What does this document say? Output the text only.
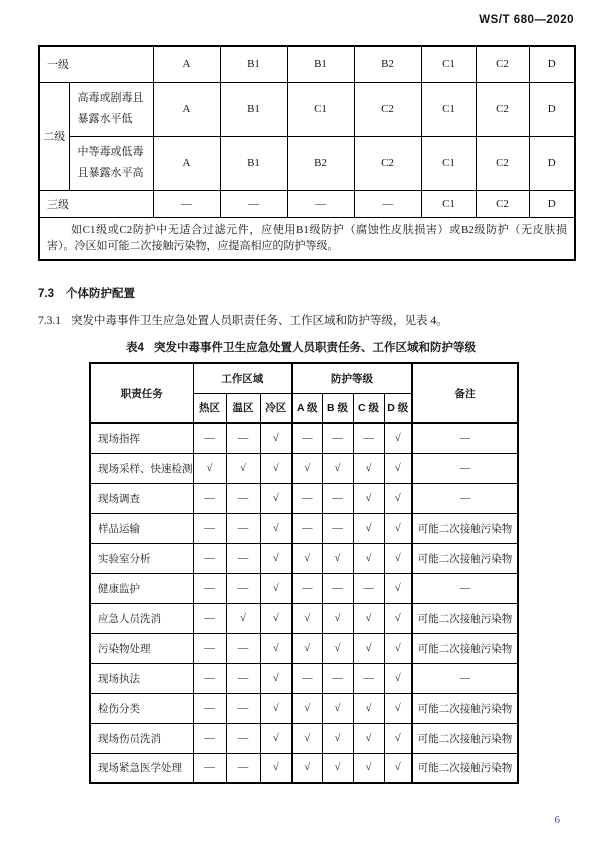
WS/T 680—2020
一级		A	B1	B1	B2	C1	C2	D
二级	高毒或剧毒且暴露水平低	A	B1	C1	C2	C1	C2	D
	中等毒或低毒且暴露水平高	A	B1	B2	C2	C1	C2	D
三级		—	—	—	—	C1	C2	D
如C1级或C2防护中无适合过滤元件，应使用B1级防护（腐蚀性皮肤损害）或B2级防护（无皮肤损害）。冷区如可能二次接触污染物，应提高相应的防护等级。								
7.3 个体防护配置
7.3.1 突发中毒事件卫生应急处置人员职责任务、工作区域和防护等级，见表 4。
表4 突发中毒事件卫生应急处置人员职责任务、工作区域和防护等级
职责任务	工作区域			防护等级				备注
	热区	温区	冷区	A 级	B 级	C 级	D 级	
现场指挥	—	—	√	—	—	—	√	—
现场采样、快速检测	√	√	√	√	√	√	√	—
现场调查	—	—	√	—	—	√	√	—
样品运输	—	—	√	—	—	√	√	可能二次接触污染物
实验室分析	—	—	√	√	√	√	√	可能二次接触污染物
健康监护	—	—	√	—	—	—	√	—
应急人员洗消	—	√	√	√	√	√	√	可能二次接触污染物
污染物处理	—	—	√	√	√	√	√	可能二次接触污染物
现场执法	—	—	√	—	—	—	√	—
检伤分类	—	—	√	√	√	√	√	可能二次接触污染物
现场伤员洗消	—	—	√	√	√	√	√	可能二次接触污染物
现场紧急医学处理	—	—	√	√	√	√	√	可能二次接触污染物
6
